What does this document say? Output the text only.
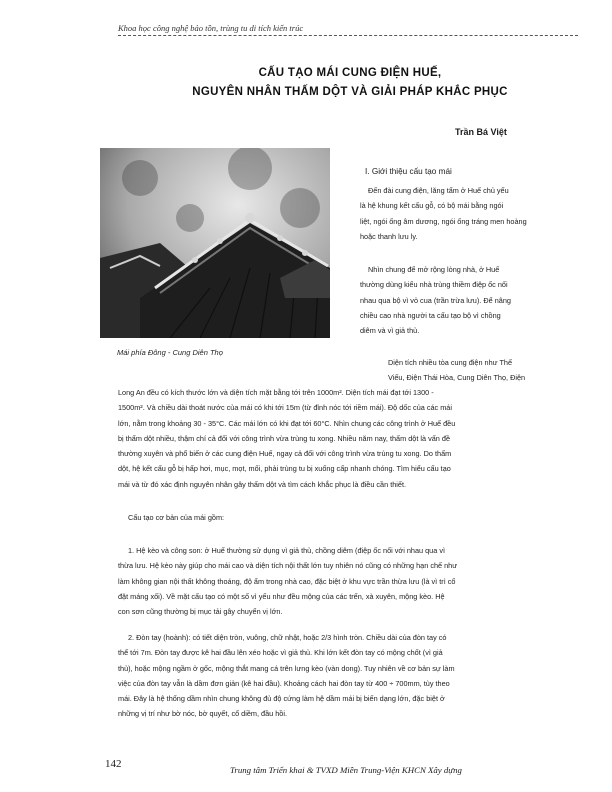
Khoa học công nghệ bảo tồn, trùng tu di tích kiến trúc
CẤU TẠO MÁI CUNG ĐIỆN HUẾ,
NGUYÊN NHÂN THẤM DỘT VÀ GIẢI PHÁP KHẮC PHỤC
Trần Bá Việt
Mái phía Đông - Cung Diên Thọ
I. Giới thiệu cấu tạo mái
Đến đài cung điện, lăng tẩm ở Huế chủ yếu
là hệ khung kết cấu gỗ, có bộ mái bằng ngói
liệt, ngói ống âm dương, ngói ống tráng men hoàng
hoặc thanh lưu ly.
Nhìn chung để mở rộng lòng nhà, ở Huế
thường dùng kiểu nhà trùng thiềm điệp ốc nối
nhau qua bộ vì vỏ cua (trần trừa lưu). Để nâng
chiều cao nhà người ta cấu tạo bộ vì chồng
diêm và vì giả thủ.
Diện tích nhiều tòa cung điện như Thế
Viếu, Điện Thái Hòa, Cung Diên Thọ, Điện
Long An đều có kích thước lớn và diện tích mặt bằng tới trên 1000m². Diện tích mái đạt tới 1300 -
1500m². Và chiều dài thoát nước của mái có khi tới 15m (từ đỉnh nóc tới riềm mái). Độ dốc của các mái
lớn, nằm trong khoảng 30 - 35°C. Các mái lớn có khi đạt tới 60°C. Nhìn chung các công trình ở Huế đều
bị thấm dột nhiều, thậm chí cả đối với công trình vừa trùng tu xong. Nhiều năm nay, thấm dột là vấn đề
thường xuyên và phổ biến ở các cung điện Huế, ngay cả đối với công trình vừa trùng tu xong. Do thấm
dột, hệ kết cấu gỗ bị hấp hơi, mục, mọt, mối, phải trùng tu bị xuống cấp nhanh chóng. Tìm hiểu cấu tạo
mái và từ đó xác định nguyên nhân gây thấm dột và tìm cách khắc phục là điều cần thiết.
Cấu tạo cơ bản của mái gồm:
1. Hệ kèo và công son: ở Huế thường sử dụng vì giả thủ, chồng diêm (điệp ốc nối với nhau qua vì
thừa lưu. Hệ kèo này giúp cho mái cao và diện tích nội thất lớn tuy nhiên nó cũng có những hạn chế như
làm không gian nội thất không thoáng, độ ẩm trong nhà cao, đặc biệt ở khu vực trần thừa lưu (là vì trì cổ
đặt máng xối). Về mặt cấu tạo có một số vì yếu như đều mộng của các trến, xà xuyên, mộng kèo. Hệ
con sơn cũng thường bị mục tải gây chuyển vị lớn.
2. Đòn tay (hoành): có tiết diện tròn, vuông, chữ nhật, hoặc 2/3 hình tròn. Chiều dài của đòn tay có
thể tới 7m. Đòn tay được kê hai đầu lên xéo hoặc vì giả thủ. Khi lớn kết đòn tay có mộng chốt (vì giả
thủ), hoặc mộng ngầm ở gốc, mộng thắt mang cá trên lưng kèo (vàn dong). Tuy nhiên về cơ bản sự làm
việc của đòn tay vẫn là dầm đơn giản (kê hai đầu). Khoảng cách hai đòn tay từ 400 ÷ 700mm, tùy theo
mái. Đây là hệ thống dầm nhìn chung không đủ độ cứng làm hệ dầm mái bị biến dạng lớn, đặc biệt ở
những vị trí như bờ nóc, bờ quyết, cổ diềm, đầu hồi.
142	Trung tâm Triển khai & TVXD Miền Trung-Viện KHCN Xây dựng
